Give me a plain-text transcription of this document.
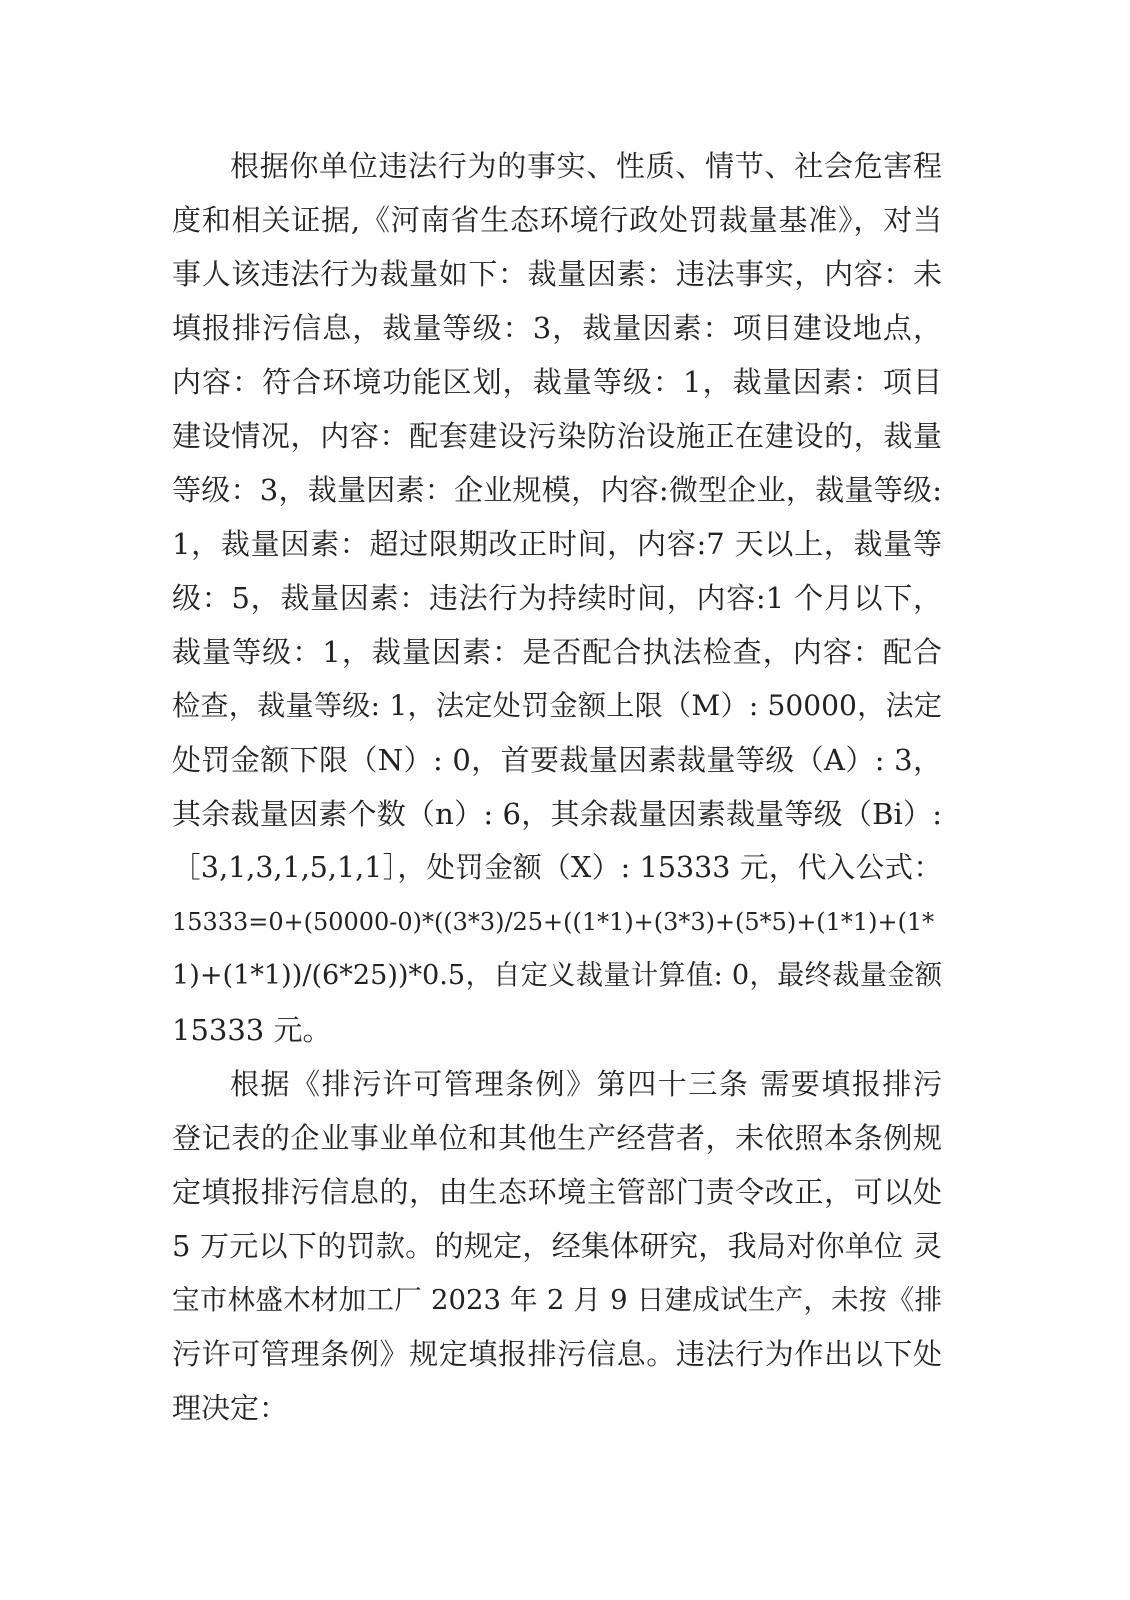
根据你单位违法行为的事实、性质、情节、社会危害程
度和相关证据,《河南省生态环境行政处罚裁量基准》，对当
事人该违法行为裁量如下：裁量因素：违法事实，内容：未
填报排污信息，裁量等级：3，裁量因素：项目建设地点，
内容：符合环境功能区划，裁量等级：1，裁量因素：项目
建设情况，内容：配套建设污染防治设施正在建设的，裁量
等级：3，裁量因素：企业规模，内容:微型企业，裁量等级:
1，裁量因素：超过限期改正时间，内容:7 天以上，裁量等
级：5，裁量因素：违法行为持续时间，内容:1 个月以下，
裁量等级：1，裁量因素：是否配合执法检查，内容：配合
检查，裁量等级: 1，法定处罚金额上限（M）: 50000，法定
处罚金额下限（N）: 0，首要裁量因素裁量等级（A）: 3，
其余裁量因素个数（n）: 6，其余裁量因素裁量等级（Bi）:
［3,1,3,1,5,1,1］，处罚金额（X）: 15333 元，代入公式：
15333=0+(50000-0)*((3*3)/25+((1*1)+(3*3)+(5*5)+(1*1)+(1*
1)+(1*1))/(6*25))*0.5，自定义裁量计算值: 0，最终裁量金额
15333 元。
根据《排污许可管理条例》第四十三条 需要填报排污
登记表的企业事业单位和其他生产经营者，未依照本条例规
定填报排污信息的，由生态环境主管部门责令改正，可以处
5 万元以下的罚款。的规定，经集体研究，我局对你单位 灵
宝市林盛木材加工厂 2023 年 2 月 9 日建成试生产，未按《排
污许可管理条例》规定填报排污信息。违法行为作出以下处
理决定：
